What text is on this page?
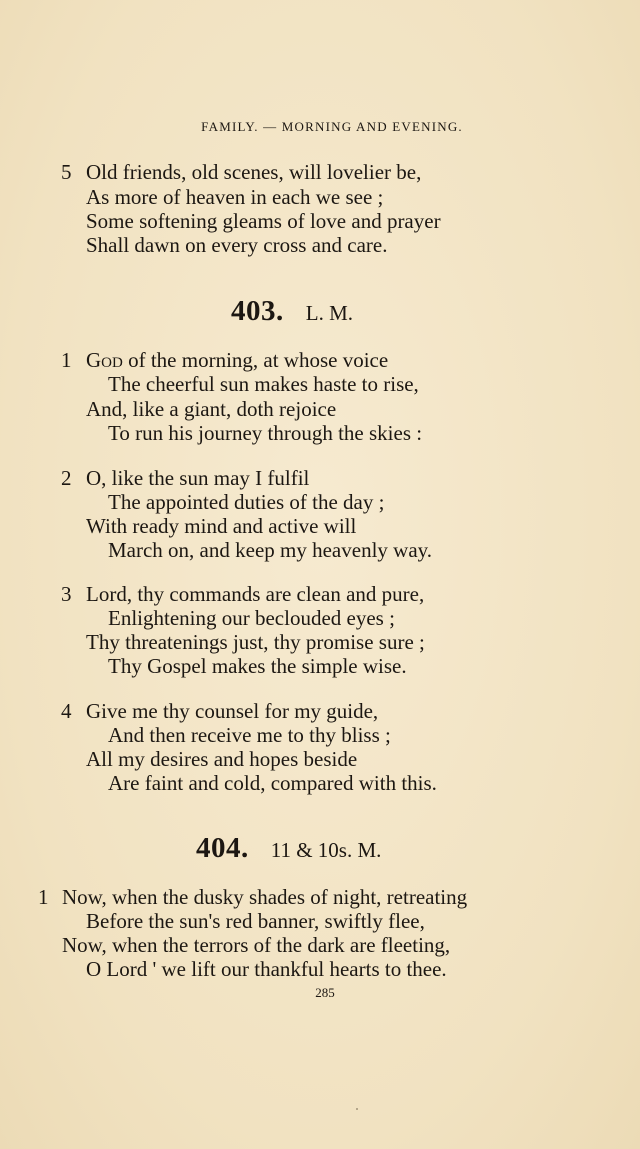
FAMILY. — MORNING AND EVENING.
5 Old friends, old scenes, will lovelier be,
As more of heaven in each we see ;
Some softening gleams of love and prayer
Shall dawn on every cross and care.
403. L. M.
1 God of the morning, at whose voice
The cheerful sun makes haste to rise,
And, like a giant, doth rejoice
To run his journey through the skies :
2 O, like the sun may I fulfil
The appointed duties of the day ;
With ready mind and active will
March on, and keep my heavenly way.
3 Lord, thy commands are clean and pure,
Enlightening our beclouded eyes ;
Thy threatenings just, thy promise sure ;
Thy Gospel makes the simple wise.
4 Give me thy counsel for my guide,
And then receive me to thy bliss ;
All my desires and hopes beside
Are faint and cold, compared with this.
404. 11 & 10s. M.
1 Now, when the dusky shades of night, retreating
Before the sun's red banner, swiftly flee,
Now, when the terrors of the dark are fleeting,
O Lord ' we lift our thankful hearts to thee.
285
